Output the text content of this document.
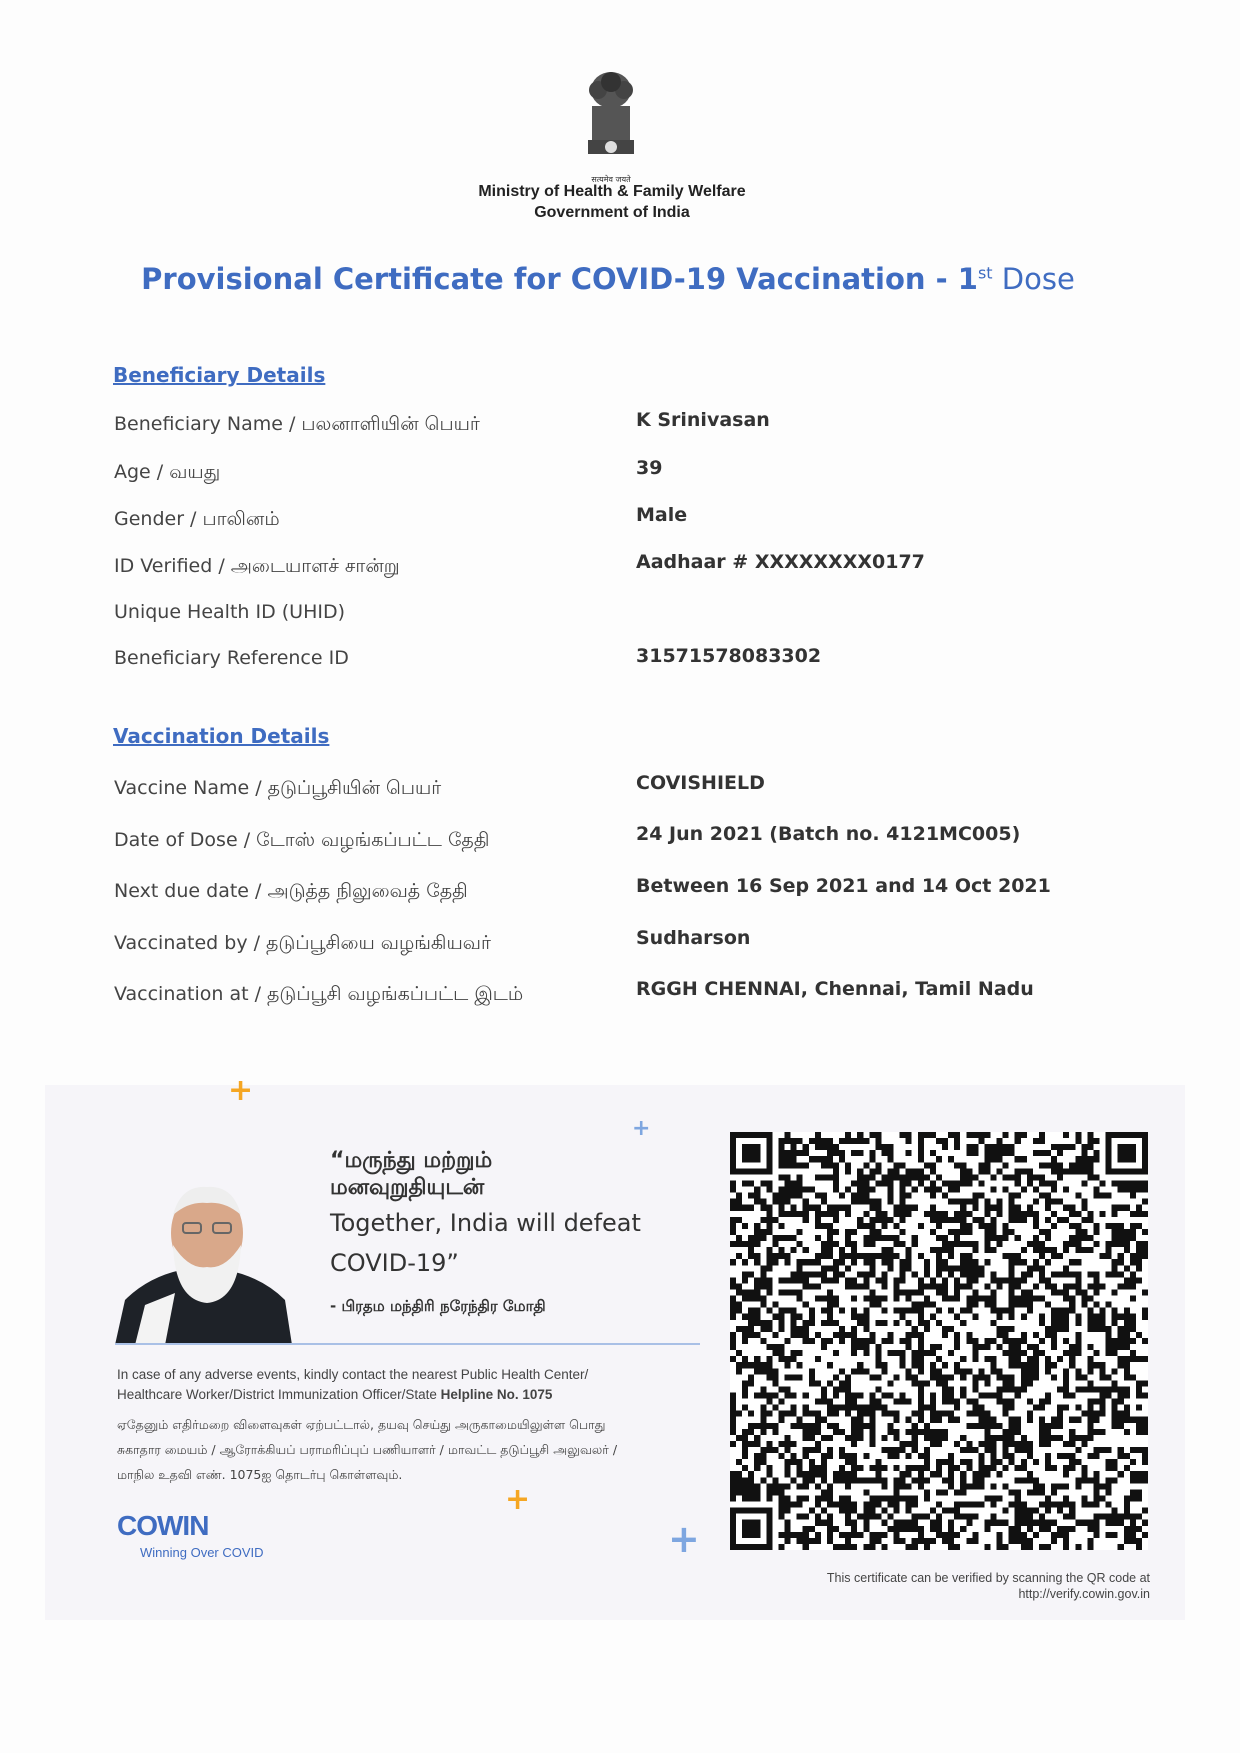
सत्यमेव जयते
Ministry of Health & Family Welfare
Government of India
Provisional Certificate for COVID-19 Vaccination - 1st Dose
Beneficiary Details
Beneficiary Name / பலனாளியின் பெயர்	K Srinivasan
Age / வயது	39
Gender / பாலினம்	Male
ID Verified / அடையாளச் சான்று	Aadhaar # XXXXXXXX0177
Unique Health ID (UHID)
Beneficiary Reference ID	31571578083302
Vaccination Details
Vaccine Name / தடுப்பூசியின் பெயர்	COVISHIELD
Date of Dose / டோஸ் வழங்கப்பட்ட தேதி	24 Jun 2021 (Batch no. 4121MC005)
Next due date / அடுத்த நிலுவைத் தேதி	Between 16 Sep 2021 and 14 Oct 2021
Vaccinated by / தடுப்பூசியை வழங்கியவர்	Sudharson
Vaccination at / தடுப்பூசி வழங்கப்பட்ட இடம்	RGGH CHENNAI, Chennai, Tamil Nadu
+
+
+
+
“மருந்து மற்றும்
மனவுறுதியுடன்
Together, India will defeat
COVID-19”
- பிரதம மந்திரி நரேந்திர மோதி
In case of any adverse events, kindly contact the nearest Public Health Center/
Healthcare Worker/District Immunization Officer/State Helpline No. 1075
ஏதேனும் எதிர்மறை விளைவுகள் ஏற்பட்டால், தயவு செய்து அருகாமையிலுள்ள பொது
சுகாதார மையம் / ஆரோக்கியப் பராமரிப்புப் பணியாளர் / மாவட்ட தடுப்பூசி அலுவலர் /
மாநில உதவி எண். 1075ஐ தொடர்பு கொள்ளவும்.
COWIN
Winning Over COVID
This certificate can be verified by scanning the QR code at
http://verify.cowin.gov.in
